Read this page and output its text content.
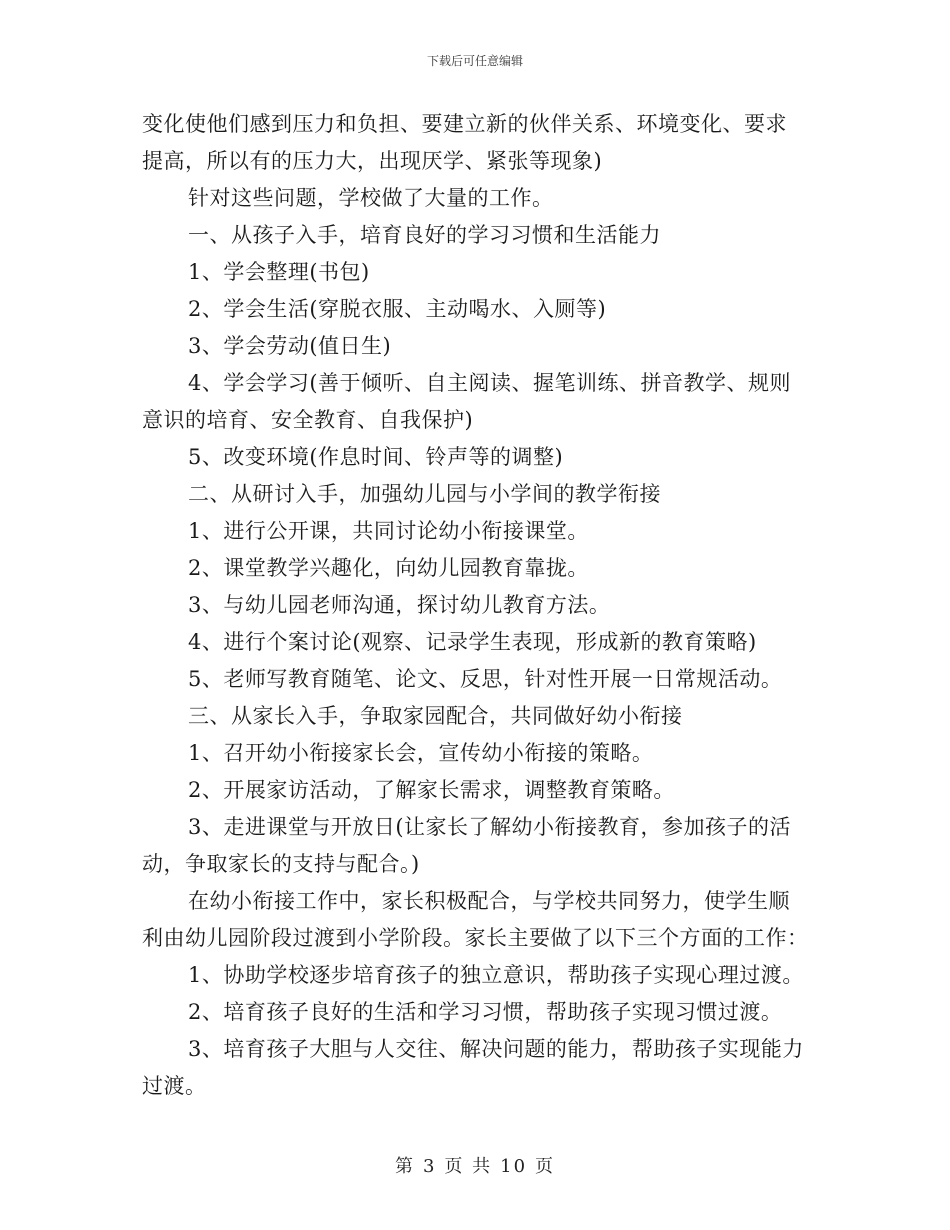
下载后可任意编辑
变化使他们感到压力和负担、要建立新的伙伴关系、环境变化、要求
提高，所以有的压力大，出现厌学、紧张等现象)
针对这些问题，学校做了大量的工作。
一、从孩子入手，培育良好的学习习惯和生活能力
1、学会整理(书包)
2、学会生活(穿脱衣服、主动喝水、入厕等)
3、学会劳动(值日生)
4、学会学习(善于倾听、自主阅读、握笔训练、拼音教学、规则
意识的培育、安全教育、自我保护)
5、改变环境(作息时间、铃声等的调整)
二、从研讨入手，加强幼儿园与小学间的教学衔接
1、进行公开课，共同讨论幼小衔接课堂。
2、课堂教学兴趣化，向幼儿园教育靠拢。
3、与幼儿园老师沟通，探讨幼儿教育方法。
4、进行个案讨论(观察、记录学生表现，形成新的教育策略)
5、老师写教育随笔、论文、反思，针对性开展一日常规活动。
三、从家长入手，争取家园配合，共同做好幼小衔接
1、召开幼小衔接家长会，宣传幼小衔接的策略。
2、开展家访活动，了解家长需求，调整教育策略。
3、走进课堂与开放日(让家长了解幼小衔接教育，参加孩子的活
动，争取家长的支持与配合。)
在幼小衔接工作中，家长积极配合，与学校共同努力，使学生顺
利由幼儿园阶段过渡到小学阶段。家长主要做了以下三个方面的工作：
1、协助学校逐步培育孩子的独立意识，帮助孩子实现心理过渡。
2、培育孩子良好的生活和学习习惯，帮助孩子实现习惯过渡。
3、培育孩子大胆与人交往、解决问题的能力，帮助孩子实现能力
过渡。
第 3 页 共 10 页
